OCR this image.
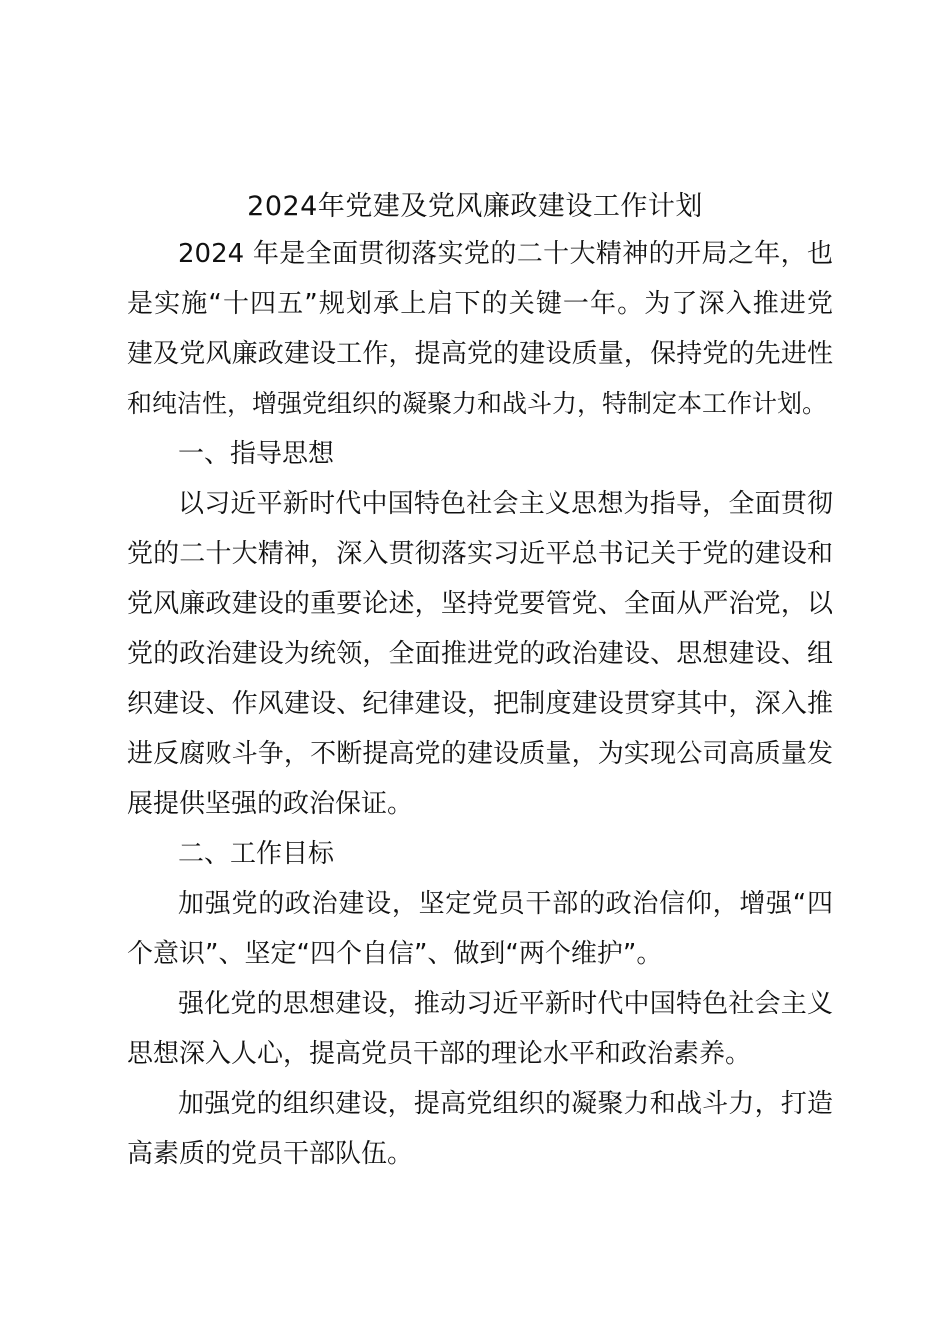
2024年党建及党风廉政建设工作计划
2024 年是全面贯彻落实党的二十大精神的开局之年，也
是实施“十四五”规划承上启下的关键一年。为了深入推进党
建及党风廉政建设工作，提高党的建设质量，保持党的先进性
和纯洁性，增强党组织的凝聚力和战斗力，特制定本工作计划。
一、指导思想
以习近平新时代中国特色社会主义思想为指导，全面贯彻
党的二十大精神，深入贯彻落实习近平总书记关于党的建设和
党风廉政建设的重要论述，坚持党要管党、全面从严治党，以
党的政治建设为统领，全面推进党的政治建设、思想建设、组
织建设、作风建设、纪律建设，把制度建设贯穿其中，深入推
进反腐败斗争，不断提高党的建设质量，为实现公司高质量发
展提供坚强的政治保证。
二、工作目标
加强党的政治建设，坚定党员干部的政治信仰，增强“四
个意识”、坚定“四个自信”、做到“两个维护”。
强化党的思想建设，推动习近平新时代中国特色社会主义
思想深入人心，提高党员干部的理论水平和政治素养。
加强党的组织建设，提高党组织的凝聚力和战斗力，打造
高素质的党员干部队伍。
